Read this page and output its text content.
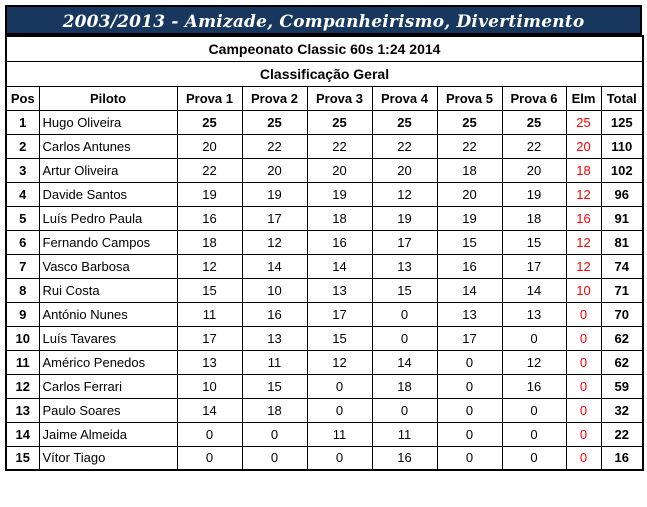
2003/2013 - Amizade, Companheirismo, Divertimento
Campeonato Classic 60s 1:24 2014									
Classificação Geral									
Pos	Piloto	Prova 1	Prova 2	Prova 3	Prova 4	Prova 5	Prova 6	Elm	Total
1	Hugo Oliveira	25	25	25	25	25	25	25	125
2	Carlos Antunes	20	22	22	22	22	22	20	110
3	Artur Oliveira	22	20	20	20	18	20	18	102
4	Davide Santos	19	19	19	12	20	19	12	96
5	Luís Pedro Paula	16	17	18	19	19	18	16	91
6	Fernando Campos	18	12	16	17	15	15	12	81
7	Vasco Barbosa	12	14	14	13	16	17	12	74
8	Rui Costa	15	10	13	15	14	14	10	71
9	António Nunes	11	16	17	0	13	13	0	70
10	Luís Tavares	17	13	15	0	17	0	0	62
11	Américo Penedos	13	11	12	14	0	12	0	62
12	Carlos Ferrari	10	15	0	18	0	16	0	59
13	Paulo Soares	14	18	0	0	0	0	0	32
14	Jaime Almeida	0	0	11	11	0	0	0	22
15	Vítor Tiago	0	0	0	16	0	0	0	16
